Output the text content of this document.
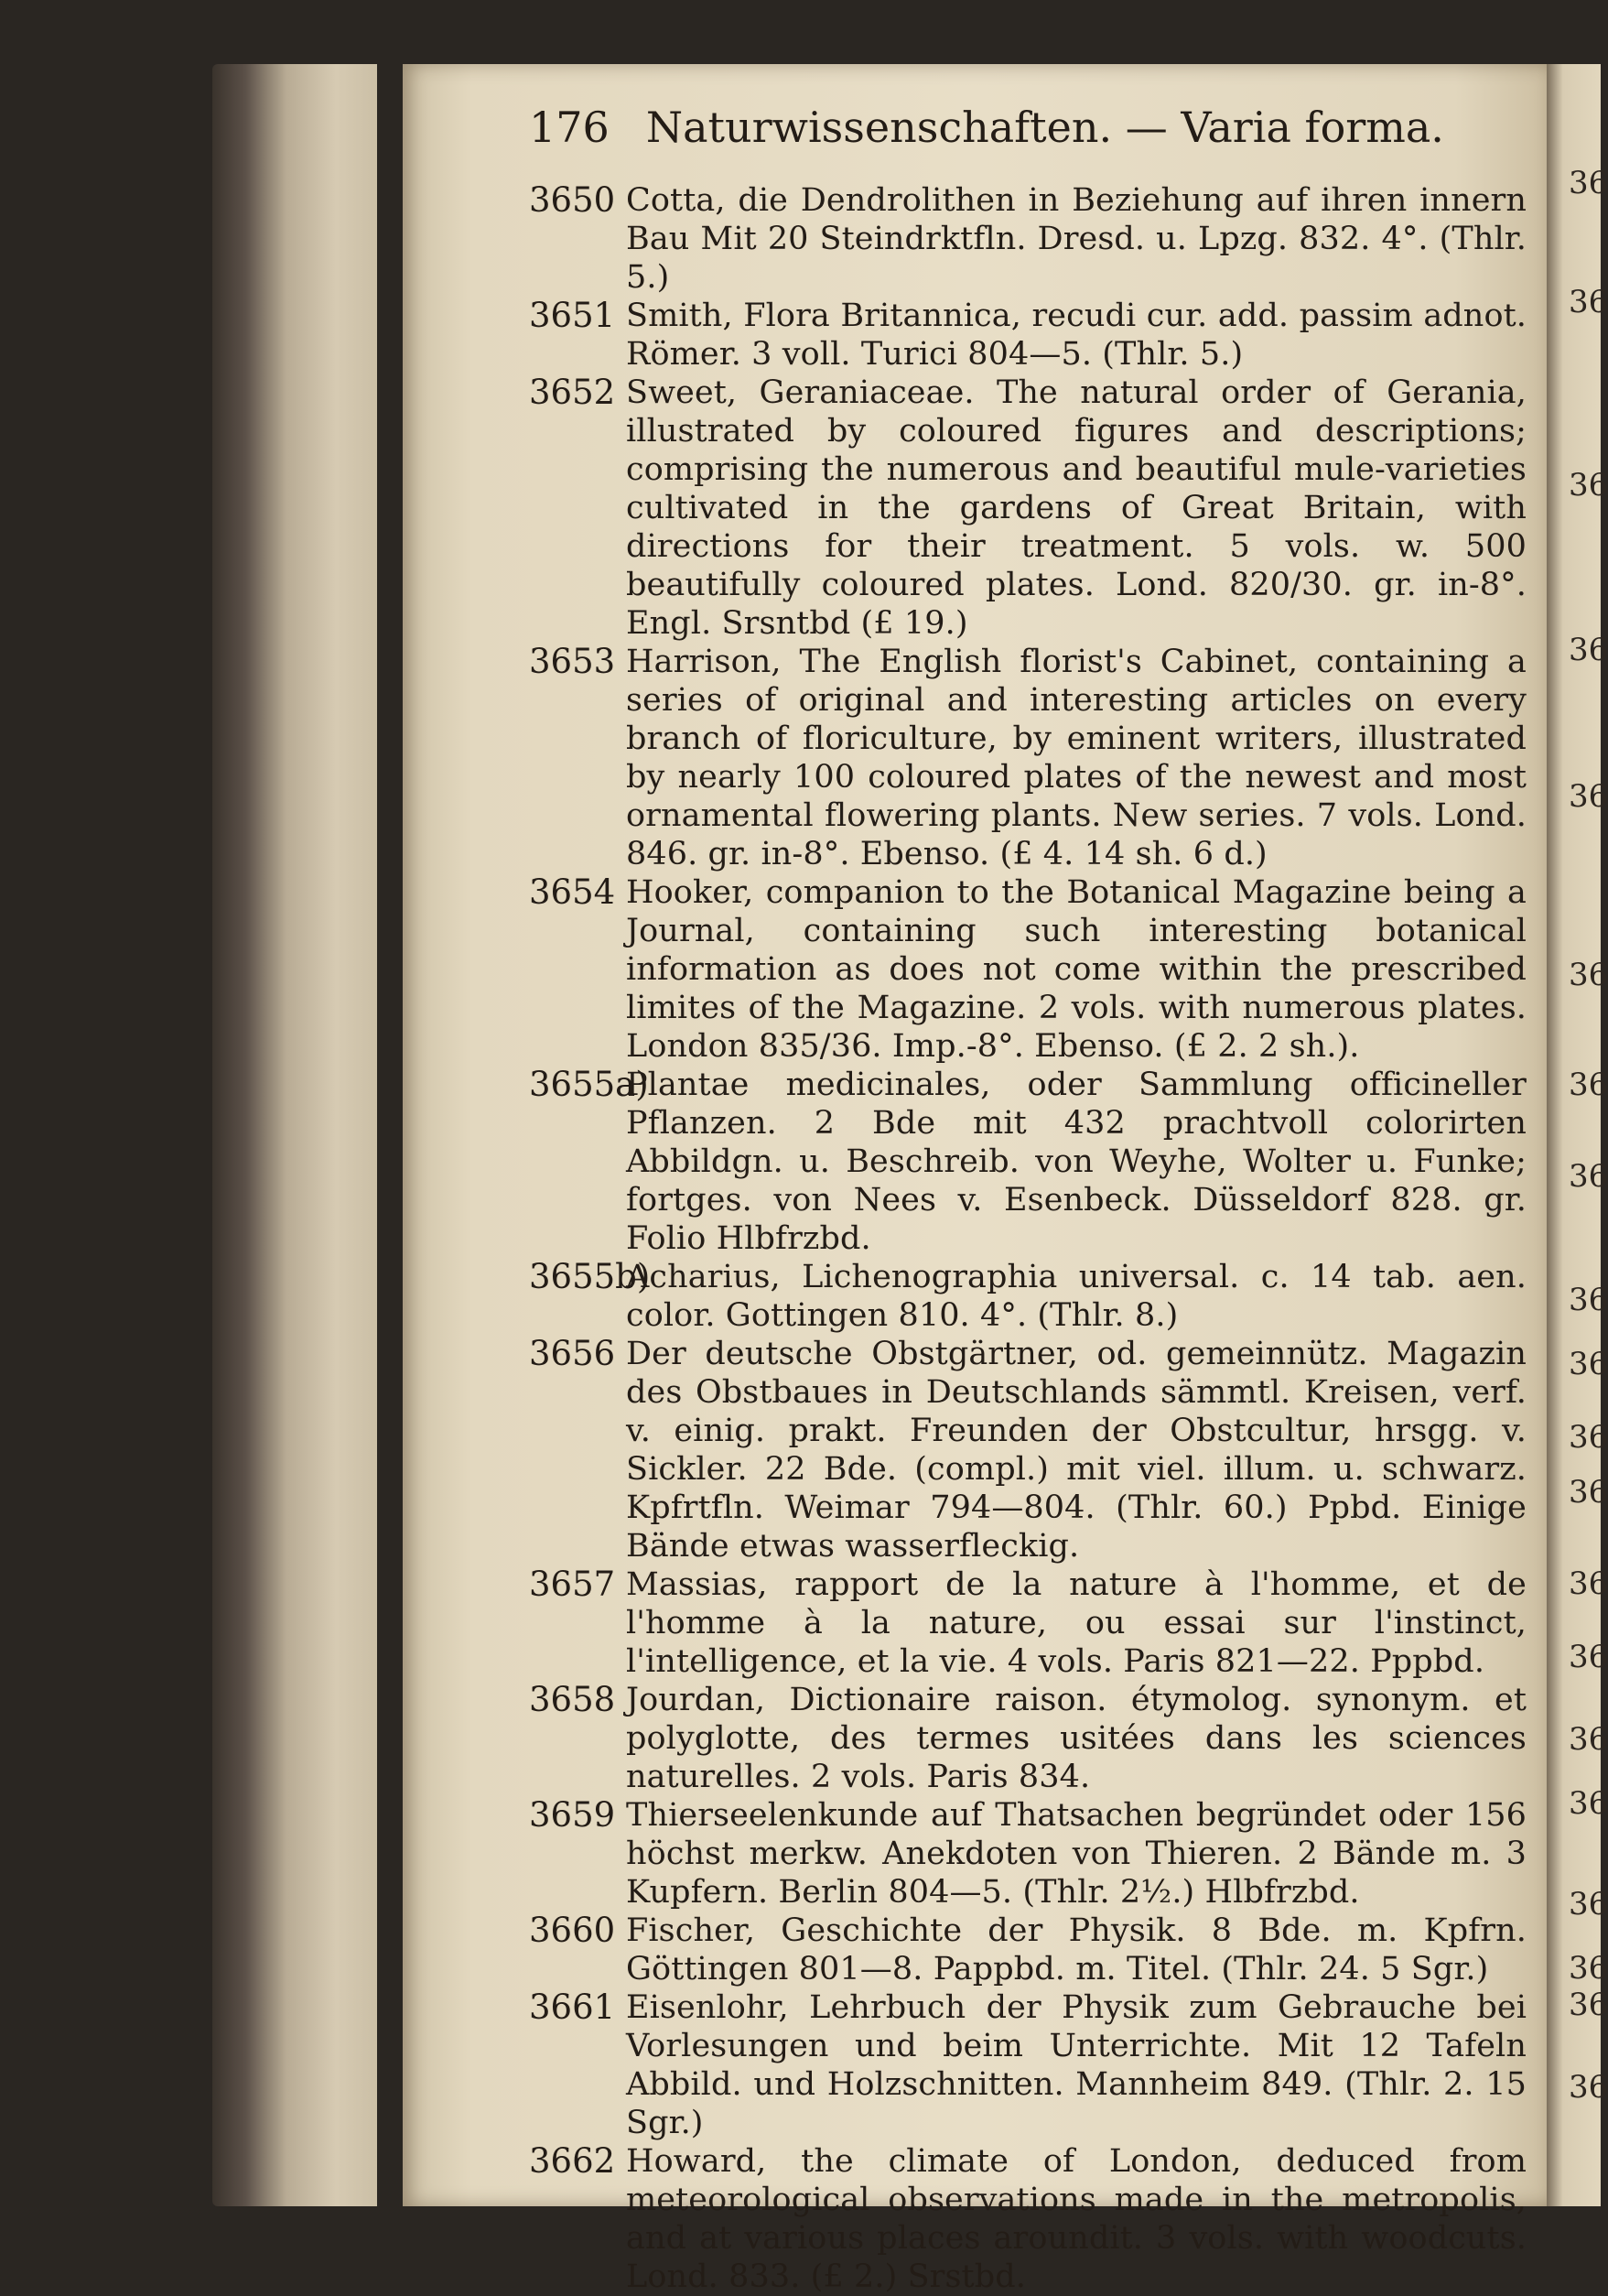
36
36
36
36
36
36
36
36
36
36
36
36
36
36
36
36
36
36
36
36
176 Naturwissenschaften. — Varia forma.
3650 Cotta, die Dendrolithen in Beziehung auf ihren innern Bau Mit 20 Steindrktfln. Dresd. u. Lpzg. 832. 4°. (Thlr. 5.)
3651 Smith, Flora Britannica, recudi cur. add. passim adnot. Römer. 3 voll. Turici 804—5. (Thlr. 5.)
3652 Sweet, Geraniaceae. The natural order of Gerania, illustrated by coloured figures and descriptions; comprising the numerous and beautiful mule-varieties cultivated in the gardens of Great Britain, with directions for their treatment. 5 vols. w. 500 beautifully coloured plates. Lond. 820/30. gr. in-8°. Engl. Srsntbd (£ 19.)
3653 Harrison, The English florist's Cabinet, containing a series of original and interesting articles on every branch of floriculture, by eminent writers, illustrated by nearly 100 coloured plates of the newest and most ornamental flowering plants. New series. 7 vols. Lond. 846. gr. in-8°. Ebenso. (£ 4. 14 sh. 6 d.)
3654 Hooker, companion to the Botanical Magazine being a Journal, containing such interesting botanical information as does not come within the prescribed limites of the Magazine. 2 vols. with numerous plates. London 835/36. Imp.-8°. Ebenso. (£ 2. 2 sh.).
3655a)
Plantae medicinales, oder Sammlung officineller Pflanzen. 2 Bde mit 432 prachtvoll colorirten Abbildgn. u. Beschreib. von Weyhe, Wolter u. Funke; fortges. von Nees v. Esenbeck. Düsseldorf 828. gr. Folio Hlbfrzbd.
3655b)
Acharius, Lichenographia universal. c. 14 tab. aen. color. Gottingen 810. 4°. (Thlr. 8.)
3656 Der deutsche Obstgärtner, od. gemeinnütz. Magazin des Obstbaues in Deutschlands sämmtl. Kreisen, verf. v. einig. prakt. Freunden der Obstcultur, hrsgg. v. Sickler. 22 Bde. (compl.) mit viel. illum. u. schwarz. Kpfrtfln. Weimar 794—804. (Thlr. 60.) Ppbd. Einige Bände etwas wasserfleckig.
3657 Massias, rapport de la nature à l'homme, et de l'homme à la nature, ou essai sur l'instinct, l'intelligence, et la vie. 4 vols. Paris 821—22. Pppbd.
3658 Jourdan, Dictionaire raison. étymolog. synonym. et polyglotte, des termes usitées dans les sciences naturelles. 2 vols. Paris 834.
3659 Thierseelenkunde auf Thatsachen begründet oder 156 höchst merkw. Anekdoten von Thieren. 2 Bände m. 3 Kupfern. Berlin 804—5. (Thlr. 2½.) Hlbfrzbd.
3660 Fischer, Geschichte der Physik. 8 Bde. m. Kpfrn. Göttingen 801—8. Pappbd. m. Titel. (Thlr. 24. 5 Sgr.)
3661 Eisenlohr, Lehrbuch der Physik zum Gebrauche bei Vorlesungen und beim Unterrichte. Mit 12 Tafeln Abbild. und Holzschnitten. Mannheim 849. (Thlr. 2. 15 Sgr.)
3662 Howard, the climate of London, deduced from meteorological observations made in the metropolis, and at various places aroundit. 3 vols. with woodcuts. Lond. 833. (£ 2.) Srstbd.
